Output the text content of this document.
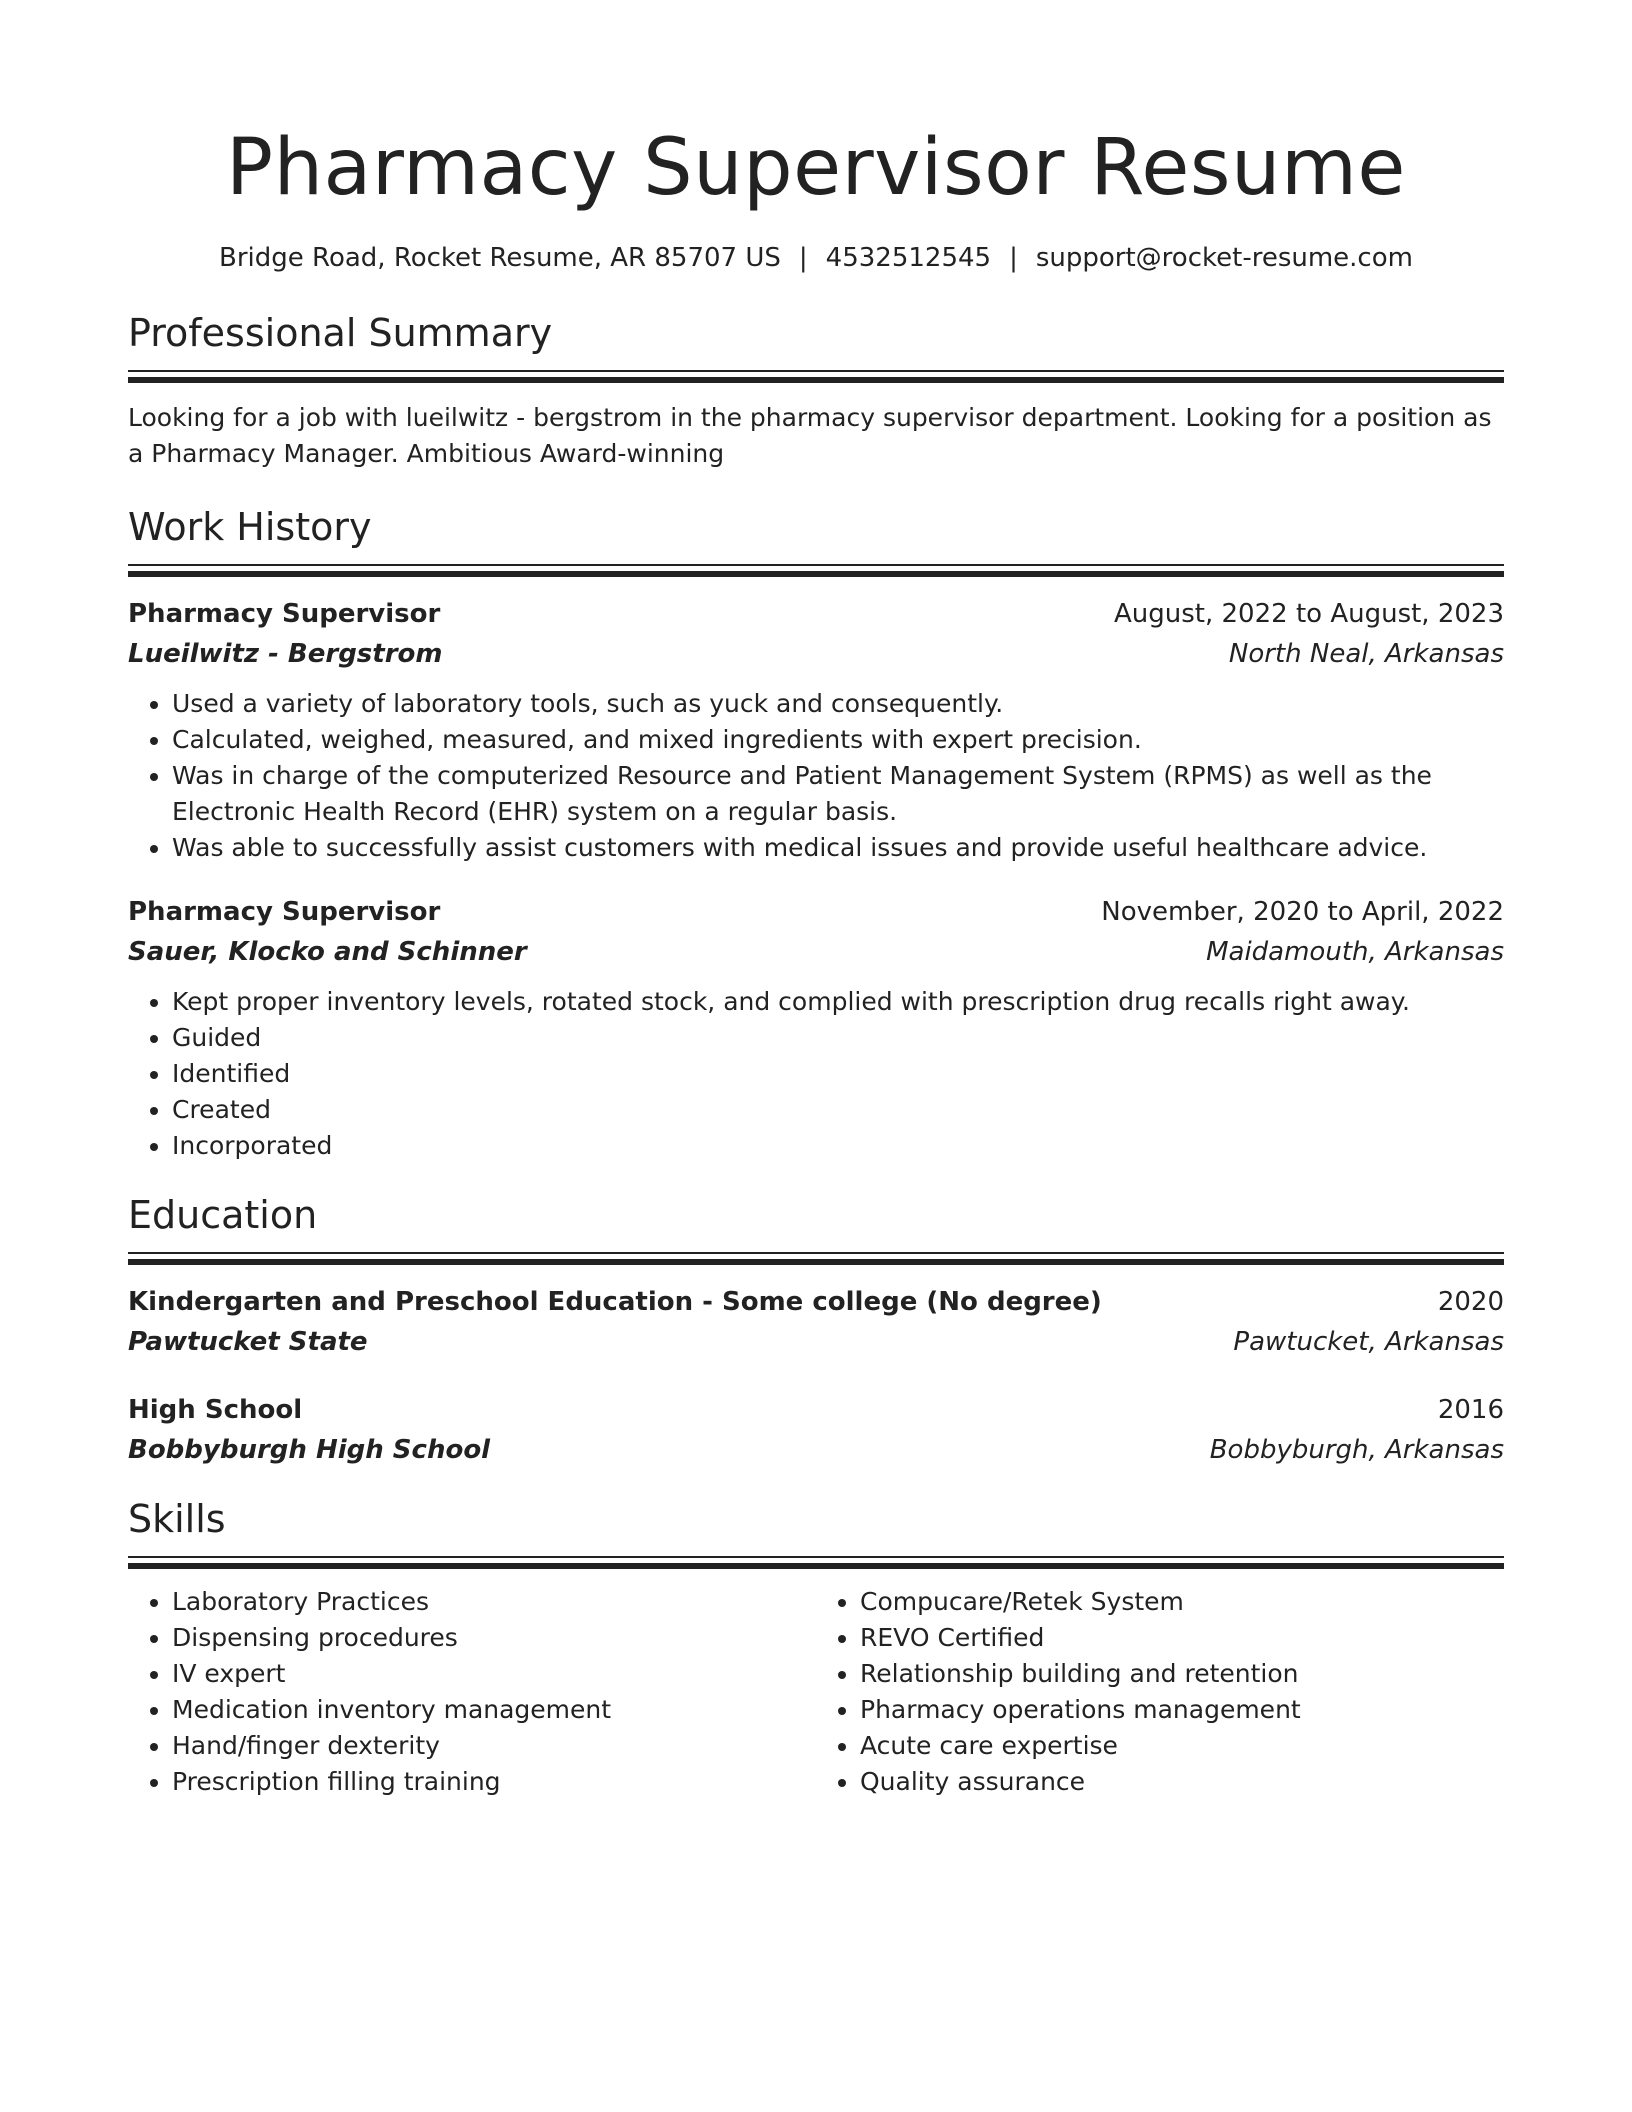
Pharmacy Supervisor Resume
Bridge Road, Rocket Resume, AR 85707 US | 4532512545 | support@rocket-resume.com
Professional Summary
Looking for a job with lueilwitz - bergstrom in the pharmacy supervisor department. Looking for a position as a Pharmacy Manager. Ambitious Award-winning
Work History
Pharmacy Supervisor	August, 2022 to August, 2023
Lueilwitz - Bergstrom	North Neal, Arkansas
• Used a variety of laboratory tools, such as yuck and consequently.
• Calculated, weighed, measured, and mixed ingredients with expert precision.
• Was in charge of the computerized Resource and Patient Management System (RPMS) as well as the Electronic Health Record (EHR) system on a regular basis.
• Was able to successfully assist customers with medical issues and provide useful healthcare advice.
Pharmacy Supervisor	November, 2020 to April, 2022
Sauer, Klocko and Schinner	Maidamouth, Arkansas
• Kept proper inventory levels, rotated stock, and complied with prescription drug recalls right away.
• Guided
• Identified
• Created
• Incorporated
Education
Kindergarten and Preschool Education - Some college (No degree)	2020
Pawtucket State	Pawtucket, Arkansas
High School	2016
Bobbyburgh High School	Bobbyburgh, Arkansas
Skills
• Laboratory Practices
• Dispensing procedures
• IV expert
• Medication inventory management
• Hand/finger dexterity
• Prescription filling training
• Compucare/Retek System
• REVO Certified
• Relationship building and retention
• Pharmacy operations management
• Acute care expertise
• Quality assurance
